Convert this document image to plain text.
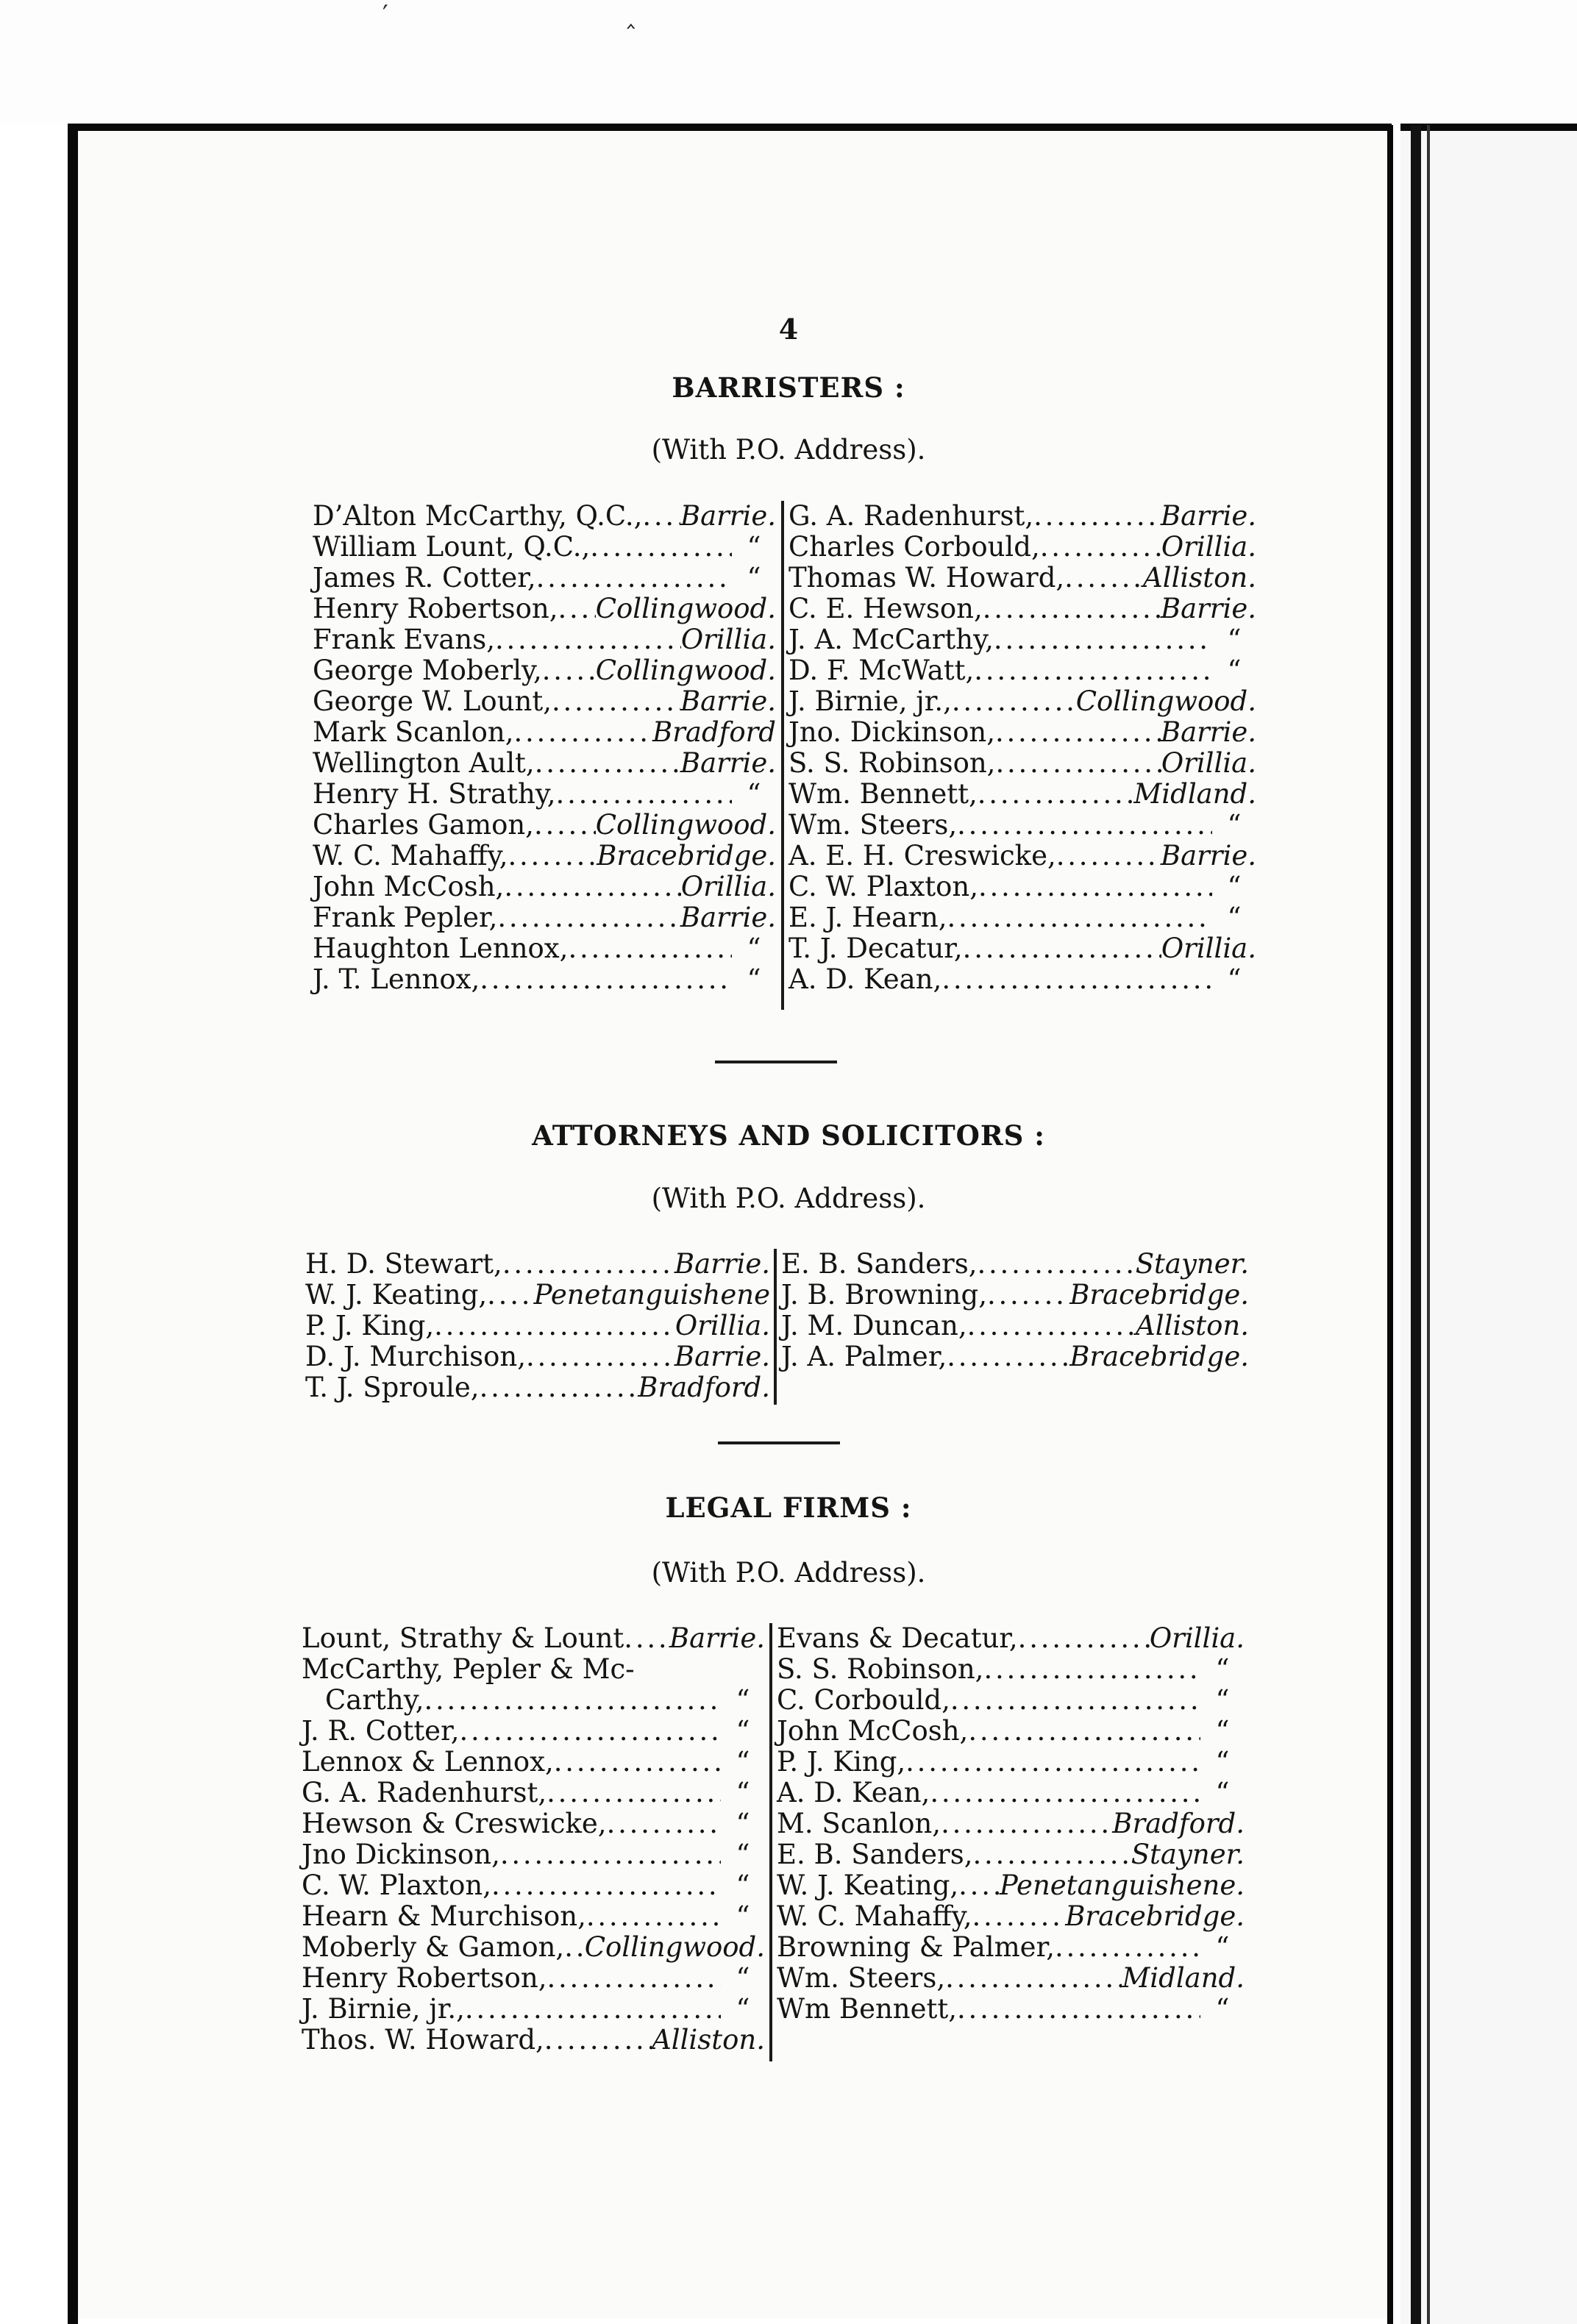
′	‸
4
BARRISTERS :
(With P.O. Address).
D’Alton McCarthy, Q.C., . . . Barrie.
William Lount, Q.C., . . .	“
James R. Cotter, . . .	“
Henry Robertson, . . . Collingwood.
Frank Evans, . . .	Orillia.
George Moberly, . . . Collingwood.
George W. Lount, . . .	Barrie.
Mark Scanlon, . . .	Bradford
Wellington Ault, . . .	Barrie.
Henry H. Strathy, . . .	“
Charles Gamon, . . . Collingwood.
W. C. Mahaffy, . . .	Bracebridge.
John McCosh, . . .	Orillia.
Frank Pepler, . . .	Barrie.
Haughton Lennox, . . .	“
J. T. Lennox, . . .	“
G. A. Radenhurst, . . .	Barrie.
Charles Corbould, . . .	Orillia.
Thomas W. Howard, . . .	Alliston.
C. E. Hewson, . . .	Barrie.
J. A. McCarthy, . . .	“
D. F. McWatt, . . .	“
J. Birnie, jr., . . .	Collingwood.
Jno. Dickinson, . . .	Barrie.
S. S. Robinson, . . .	Orillia.
Wm. Bennett, . . .	Midland.
Wm. Steers, . . .	“
A. E. H. Creswicke, . . .	Barrie.
C. W. Plaxton, . . .	“
E. J. Hearn, . . .	“
T. J. Decatur, . . .	Orillia.
A. D. Kean, . . .	“
ATTORNEYS AND SOLICITORS :
(With P.O. Address).
H. D. Stewart, . . .	Barrie.
W. J. Keating, . . . Penetanguishene
P. J. King, . . .	Orillia.
D. J. Murchison, . . .	Barrie.
T. J. Sproule, . . .	Bradford.
E. B. Sanders, . . .	Stayner.
J. B. Browning, . . .	Bracebridge.
J. M. Duncan, . . .	Alliston.
J. A. Palmer, . . .	Bracebridge.
LEGAL FIRMS :
(With P.O. Address).
Lount, Strathy & Lount . . . Barrie.
McCarthy, Pepler & Mc-
Carthy, . . .	“
J. R. Cotter, . . .	“
Lennox & Lennox, . . .	“
G. A. Radenhurst, . . .	“
Hewson & Creswicke, . . .	“
Jno Dickinson, . . .	“
C. W. Plaxton, . . .	“
Hearn & Murchison, . . .	“
Moberly & Gamon, . . . Collingwood.
Henry Robertson, . . .	“
J. Birnie, jr., . . .	“
Thos. W. Howard, . . .	Alliston.
Evans & Decatur, . . .	Orillia.
S. S. Robinson, . . .	“
C. Corbould, . . .	“
John McCosh, . . .	“
P. J. King, . . .	“
A. D. Kean, . . .	“
M. Scanlon, . . .	Bradford.
E. B. Sanders, . . .	Stayner.
W. J. Keating, . . . Penetanguishene.
W. C. Mahaffy, . . .	Bracebridge.
Browning & Palmer, . . .	“
Wm. Steers, . . .	Midland.
Wm Bennett, . . .	“
